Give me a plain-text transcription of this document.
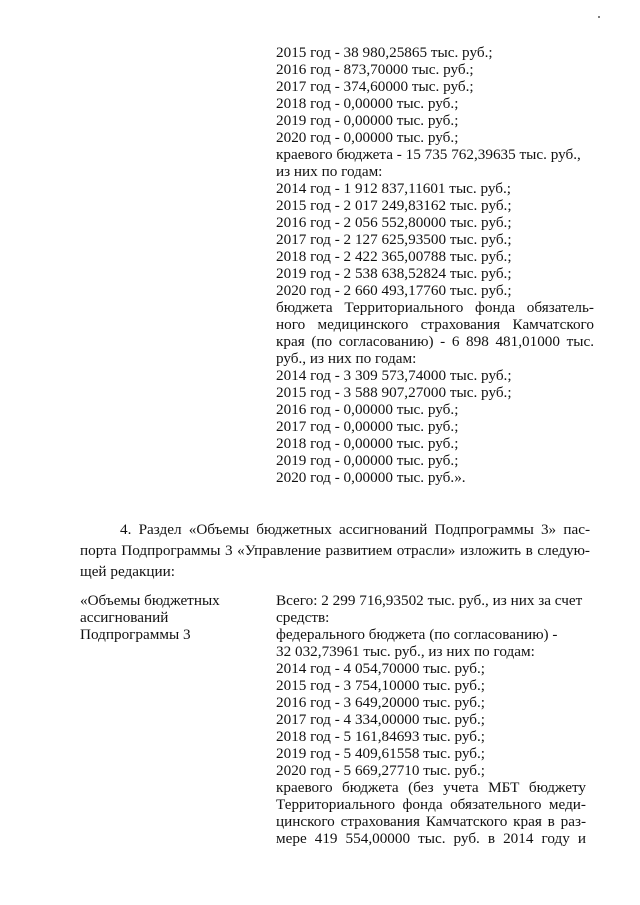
2015 год - 38 980,25865 тыс. руб.;
2016 год - 873,70000 тыс. руб.;
2017 год - 374,60000 тыс. руб.;
2018 год - 0,00000 тыс. руб.;
2019 год - 0,00000 тыс. руб.;
2020 год - 0,00000 тыс. руб.;
краевого бюджета - 15 735 762,39635 тыс. руб.,
из них по годам:
2014 год - 1 912 837,11601 тыс. руб.;
2015 год - 2 017 249,83162 тыс. руб.;
2016 год - 2 056 552,80000 тыс. руб.;
2017 год - 2 127 625,93500 тыс. руб.;
2018 год - 2 422 365,00788 тыс. руб.;
2019 год - 2 538 638,52824 тыс. руб.;
2020 год - 2 660 493,17760 тыс. руб.;
бюджета Территориального фонда обязатель-
ного медицинского страхования Камчатского
края (по согласованию) - 6 898 481,01000 тыс.
руб., из них по годам:
2014 год - 3 309 573,74000 тыс. руб.;
2015 год - 3 588 907,27000 тыс. руб.;
2016 год - 0,00000 тыс. руб.;
2017 год - 0,00000 тыс. руб.;
2018 год - 0,00000 тыс. руб.;
2019 год - 0,00000 тыс. руб.;
2020 год - 0,00000 тыс. руб.».
4. Раздел «Объемы бюджетных ассигнований Подпрограммы 3» пас-
порта Подпрограммы 3 «Управление развитием отрасли» изложить в следую-
щей редакции:
«Объемы бюджетных
ассигнований
Подпрограммы 3
Всего: 2 299 716,93502 тыс. руб., из них за счет
средств:
федерального бюджета (по согласованию) -
32 032,73961 тыс. руб., из них по годам:
2014 год - 4 054,70000 тыс. руб.;
2015 год - 3 754,10000 тыс. руб.;
2016 год - 3 649,20000 тыс. руб.;
2017 год - 4 334,00000 тыс. руб.;
2018 год - 5 161,84693 тыс. руб.;
2019 год - 5 409,61558 тыс. руб.;
2020 год - 5 669,27710 тыс. руб.;
краевого бюджета (без учета МБТ бюджету
Территориального фонда обязательного меди-
цинского страхования Камчатского края в раз-
мере 419 554,00000 тыс. руб. в 2014 году и
